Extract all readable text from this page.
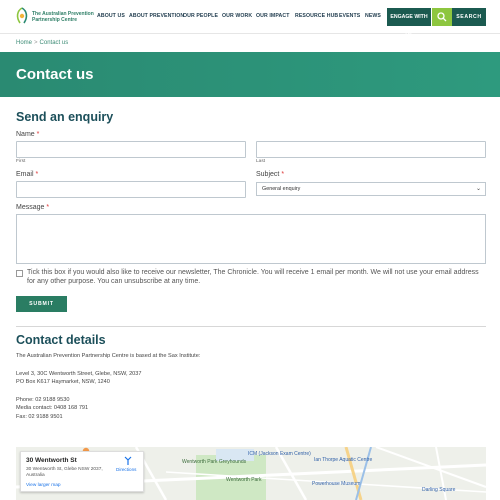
The Australian Prevention Partnership Centre
ABOUT US ABOUT PREVENTION
OUR PEOPLE OUR WORK OUR IMPACT RESOURCE HUB EVENTS NEWS	ENGAGE WITH US
SEARCH
Home > Contact us
Contact us
Send an enquiry
Name *
First	Last
Email *	Subject *
General enquiry	⌄
Message *
Tick this box if you would also like to receive our newsletter, The Chronicle. You will receive 1 email per month. We will not use your email address for any other purpose. You can unsubscribe at any time.
SUBMIT
Contact details
The Australian Prevention Partnership Centre is based at the Sax Institute:
Level 3, 30C Wentworth Street, Glebe, NSW, 2037
PO Box K617 Haymarket, NSW, 1240
Phone: 02 9188 9530
Media contact: 0408 168 791
Fax: 02 9188 9501
Wentworth Park Greyhounds
Wentworth Park
ICM (Jackson Exam Centre)
Ian Thorpe Aquatic Centre
Powerhouse Museum
Darling Square
30 Wentworth St
30 Wentworth St, Glebe NSW 2037, Australia
View larger map
Directions
